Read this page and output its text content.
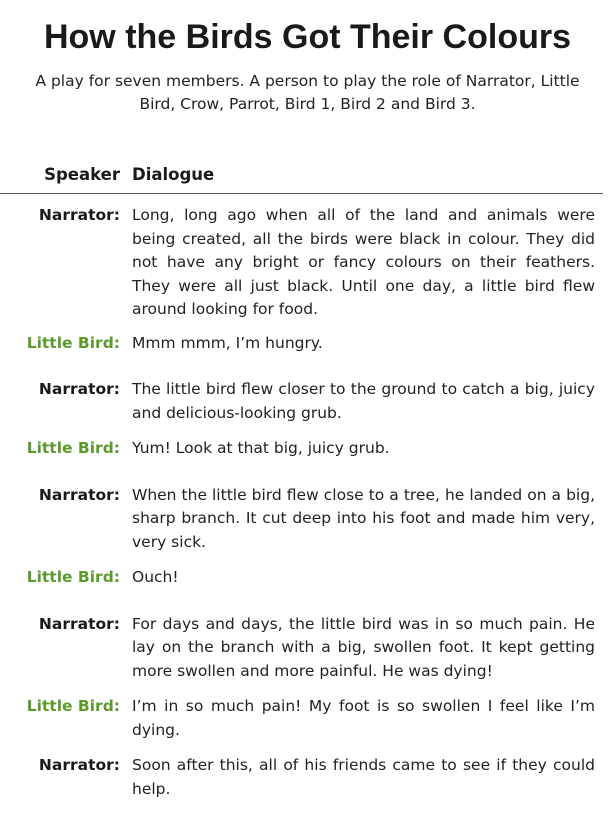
How the Birds Got Their Colours

A play for seven members. A person to play the role of Narrator, Little Bird, Crow, Parrot, Bird 1, Bird 2 and Bird 3.

Speaker Dialogue
Narrator: Long, long ago when all of the land and animals were being created, all the birds were black in colour. They did not have any bright or fancy colours on their feathers. They were all just black. Until one day, a little bird flew around looking for food.
Little Bird: Mmm mmm, I’m hungry.
Narrator: The little bird flew closer to the ground to catch a big, juicy and delicious-looking grub.
Little Bird: Yum! Look at that big, juicy grub.
Narrator: When the little bird flew close to a tree, he landed on a big, sharp branch. It cut deep into his foot and made him very, very sick.
Little Bird: Ouch!
Narrator: For days and days, the little bird was in so much pain. He lay on the branch with a big, swollen foot. It kept getting more swollen and more painful. He was dying!
Little Bird: I’m in so much pain! My foot is so swollen I feel like I’m dying.
Narrator: Soon after this, all of his friends came to see if they could help.
